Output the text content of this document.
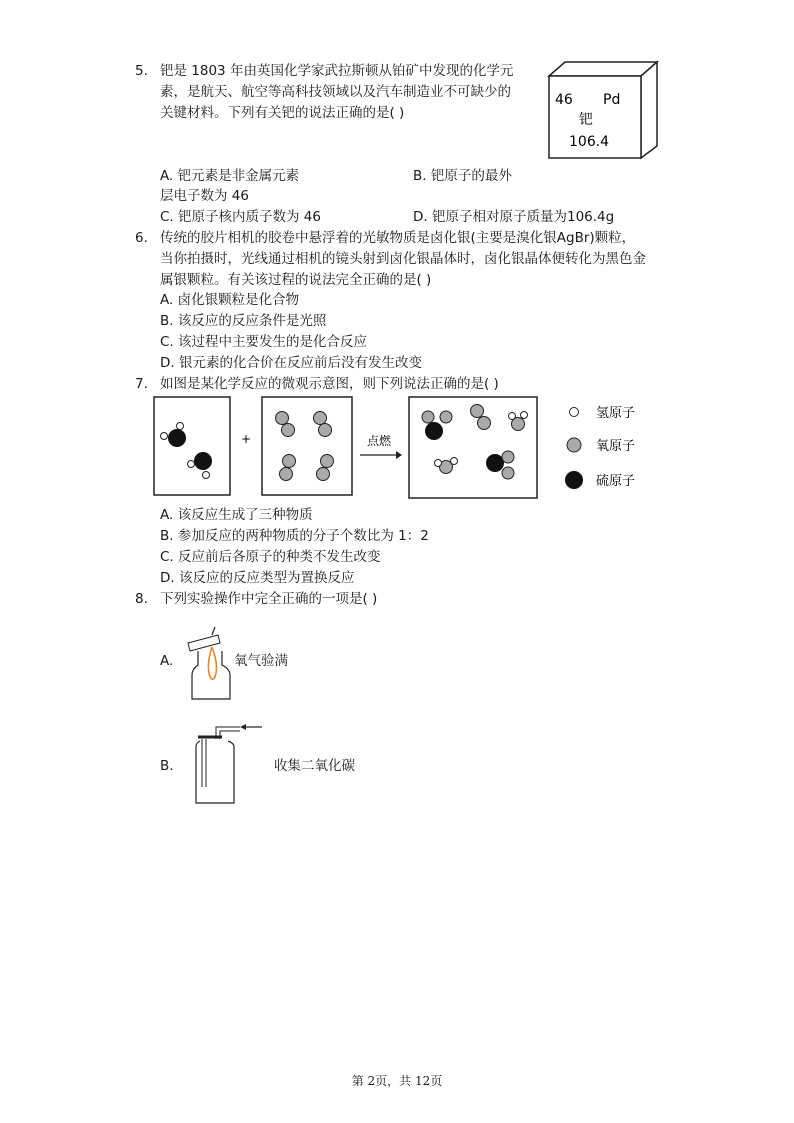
5. 钯是 1803 年由英国化学家武拉斯顿从铂矿中发现的化学元
素，是航天、航空等高科技领域以及汽车制造业不可缺少的
关键材料。下列有关钯的说法正确的是( )
46 Pd
钯
106.4
A. 钯元素是非金属元素	B. 钯原子的最外
层电子数为 46
C. 钯原子核内质子数为 46	D. 钯原子相对原子质量为106.4g
6. 传统的胶片相机的胶卷中悬浮着的光敏物质是卤化银(主要是溴化银AgBr)颗粒，
当你拍摄时，光线通过相机的镜头射到卤化银晶体时，卤化银晶体便转化为黑色金
属银颗粒。有关该过程的说法完全正确的是( )
A. 卤化银颗粒是化合物
B. 该反应的反应条件是光照
C. 该过程中主要发生的是化合反应
D. 银元素的化合价在反应前后没有发生改变
7. 如图是某化学反应的微观示意图，则下列说法正确的是( )
+	点燃
氢原子
氧原子
硫原子
A. 该反应生成了三种物质
B. 参加反应的两种物质的分子个数比为 1：2
C. 反应前后各原子的种类不发生改变
D. 该反应的反应类型为置换反应
8. 下列实验操作中完全正确的一项是( )
A.	氧气验满
B.	收集二氧化碳
第 2页，共 12页
